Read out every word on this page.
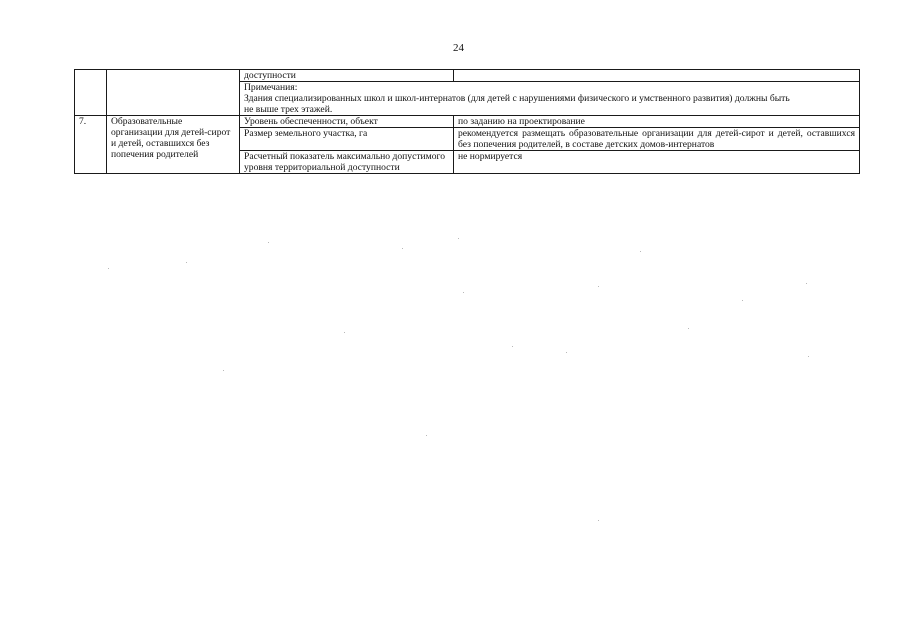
24
		доступности	

		Примечания:
Здания специализированных школ и школ-интернатов (для детей с нарушениями физического и умственного развития) должны быть не выше трех этажей.	

7.	Образовательные организации для детей-сирот и детей, оставшихся без попечения родителей	Уровень обеспеченности, объект	по заданию на проектирование
		Размер земельного участка, га	рекомендуется размещать образовательные организации для детей-сирот и детей, оставшихся без попечения родителей, в составе детских домов-интернатов
		Расчетный показатель максимально допустимого уровня территориальной доступности	не нормируется
